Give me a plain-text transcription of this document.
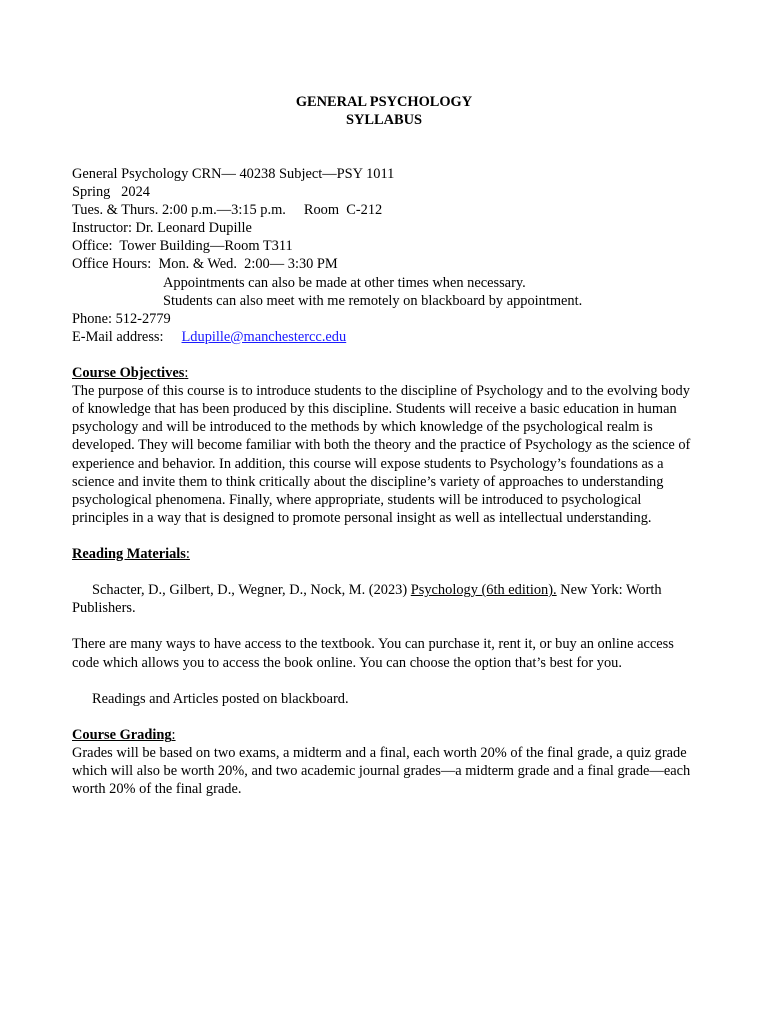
GENERAL PSYCHOLOGY
SYLLABUS

General Psychology CRN— 40238 Subject—PSY 1011

Spring   2024

Tues. & Thurs. 2:00 p.m.—3:15 p.m.     Room  C-212

Instructor: Dr. Leonard Dupille

Office:  Tower Building—Room T311

Office Hours:  Mon. & Wed.  2:00— 3:30 PM

Appointments can also be made at other times when necessary.

Students can also meet with me remotely on blackboard by appointment.

Phone: 512-2779

E-Mail address:     Ldupille@manchestercc.edu

Course Objectives:

The purpose of this course is to introduce students to the discipline of Psychology and to the evolving body of knowledge that has been produced by this discipline. Students will receive a basic education in human psychology and will be introduced to the methods by which knowledge of the psychological realm is developed. They will become familiar with both the theory and the practice of Psychology as the science of experience and behavior. In addition, this course will expose students to Psychology’s foundations as a science and invite them to think critically about the discipline’s variety of approaches to understanding psychological phenomena. Finally, where appropriate, students will be introduced to psychological principles in a way that is designed to promote personal insight as well as intellectual understanding.

Reading Materials:

Schacter, D., Gilbert, D., Wegner, D., Nock, M. (2023) Psychology (6th edition). New York: Worth Publishers.

There are many ways to have access to the textbook. You can purchase it, rent it, or buy an online access code which allows you to access the book online. You can choose the option that’s best for you.

Readings and Articles posted on blackboard.

Course Grading:

Grades will be based on two exams, a midterm and a final, each worth 20% of the final grade, a quiz grade which will also be worth 20%, and two academic journal grades—a midterm grade and a final grade—each worth 20% of the final grade.
